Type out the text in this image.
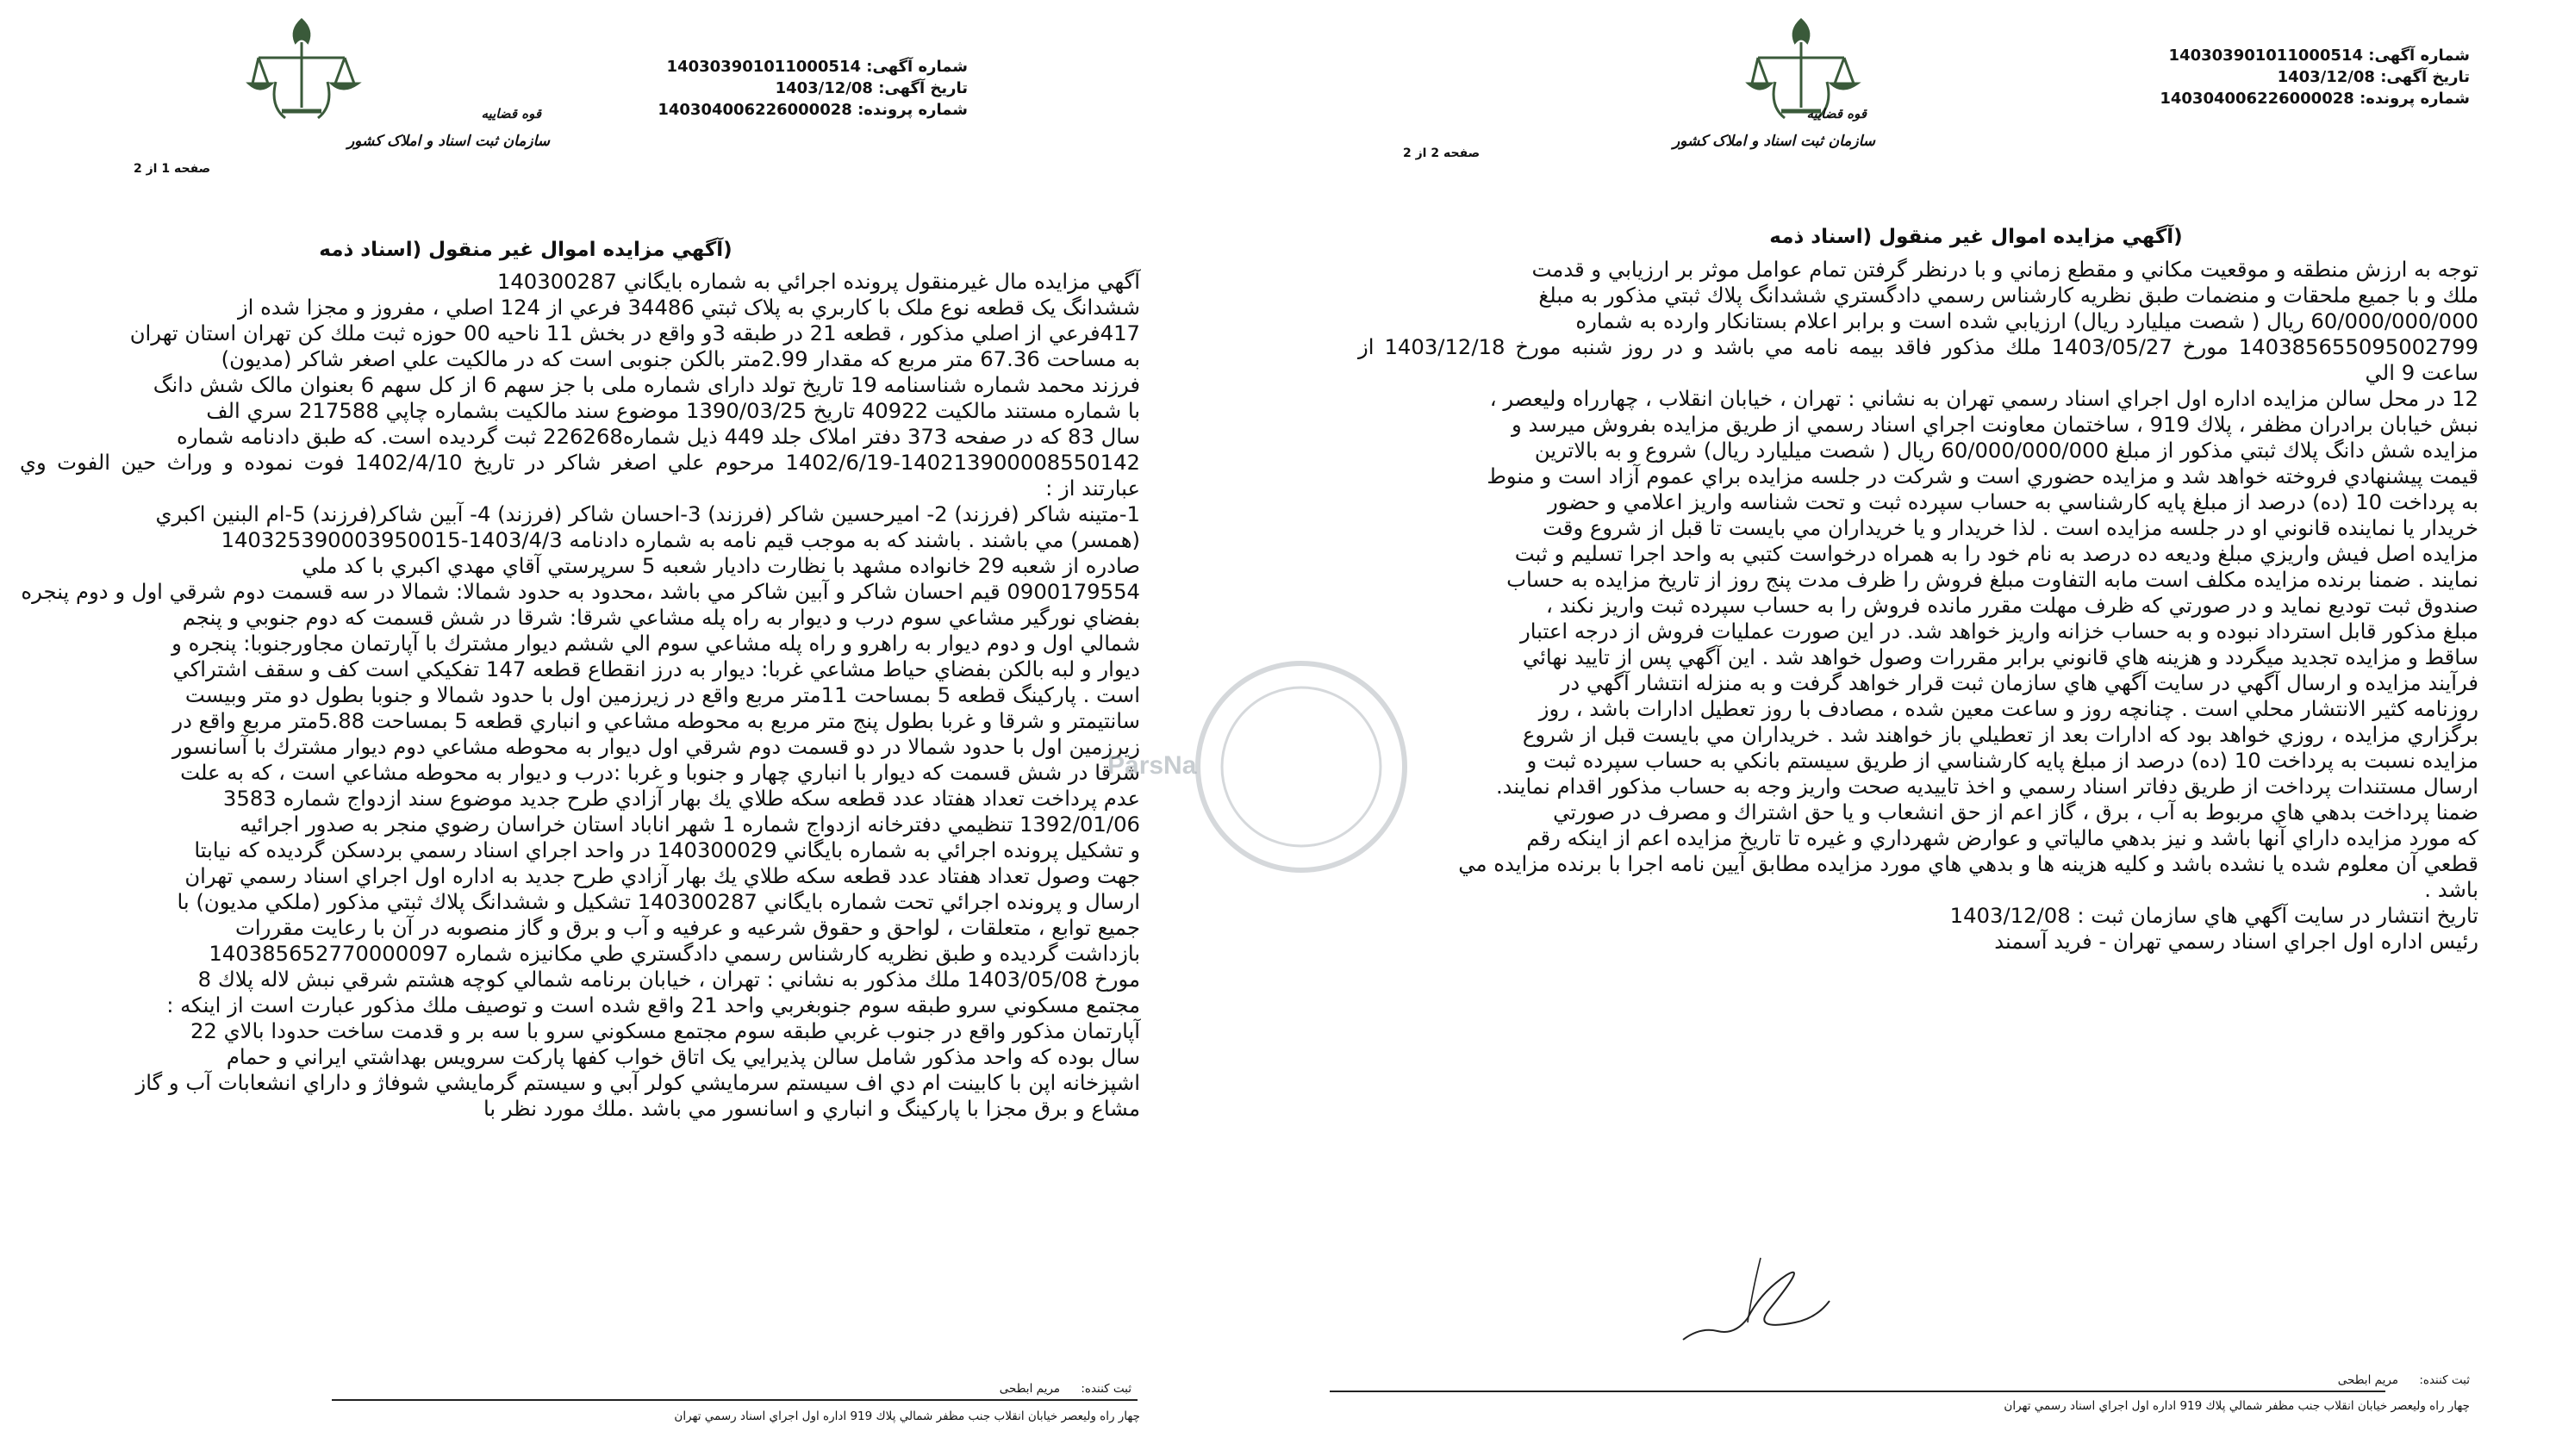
قوه قضاییه
سازمان ثبت اسناد و املاک کشور
شماره آگهی: 140303901011000514
تاریخ آگهی: 1403/12/08
شماره پرونده: 140304006226000028
صفحه 1 از 2
(آگهي مزايده اموال غير منقول (اسناد ذمه

آگهي مزايده مال غيرمنقول پرونده اجرائي به شماره بايگاني 140300287

ششدانگ يک قطعه نوع ملک با کاربري به پلاک ثبتي 34486 فرعي از 124 اصلي ، مفروز و مجزا شده از

417فرعي از اصلي مذکور ، قطعه 21 در طبقه 3و واقع در بخش 11 ناحيه 00 حوزه ثبت ملك كن تهران استان تهران

به مساحت 67.36 متر مربع که مقدار 2.99متر بالکن جنوبی است که در مالکيت علي اصغر شاکر (مديون)

فرزند محمد شماره شناسنامه 19 تاریخ تولد دارای شماره ملی با جز سهم 6 از کل سهم 6 بعنوان مالک شش دانگ

با شماره مستند مالکيت 40922 تاریخ 1390/03/25 موضوع سند مالکيت بشماره چاپي 217588 سري الف

سال 83 که در صفحه 373 دفتر املاک جلد 449 ذيل شماره226268 ثبت گرديده است. كه طبق دادنامه شماره

1402/6/19-140213900008550142 مرحوم علي اصغر شاكر در تاريخ 1402/4/10 فوت نموده و وراث حين الفوت وي عبارتند از :

1-متينه شاكر (فرزند) 2- اميرحسين شاكر (فرزند) 3-احسان شاكر (فرزند) 4- آبين شاكر(فرزند) 5-ام البنين اكبري

(همسر) مي باشند . باشند كه به موجب قيم نامه به شماره دادنامه 1403/4/3-140325390003950015

صادره از شعبه 29 خانواده مشهد با نظارت داديار شعبه 5 سرپرستي آقاي مهدي اكبري با كد ملي

0900179554 قيم احسان شاكر و آبين شاكر مي باشد ،محدود به حدود شمالا: شمالا در سه قسمت دوم شرقي اول و دوم پنجره

بفضاي نورگير مشاعي سوم درب و ديوار به راه پله مشاعي شرقا: شرقا در شش قسمت كه دوم جنوبي و پنجم

شمالي اول و دوم ديوار به راهرو و راه پله مشاعي سوم الي ششم ديوار مشترك با آپارتمان مجاورجنوبا: پنجره و

ديوار و لبه بالكن بفضاي حياط مشاعي غربا: ديوار به درز انقطاع قطعه 147 تفكيكي است كف و سقف اشتراكي

است . پاركينگ قطعه 5 بمساحت 11متر مربع واقع در زيرزمين اول با حدود شمالا و جنوبا بطول دو متر وبيست

سانتيمتر و شرقا و غربا بطول پنج متر مربع به محوطه مشاعي و انباري قطعه 5 بمساحت 5.88متر مربع واقع در

زيرزمين اول با حدود شمالا در دو قسمت دوم شرقي اول ديوار به محوطه مشاعي دوم ديوار مشترك با آسانسور

شرقا در شش قسمت كه ديوار با انباري چهار و جنوبا و غربا :درب و ديوار به محوطه مشاعي است ، كه به علت

عدم پرداخت تعداد هفتاد عدد قطعه سكه طلاي يك بهار آزادي طرح جديد موضوع سند ازدواج شماره 3583

1392/01/06 تنظيمي دفترخانه ازدواج شماره 1 شهر اناباد استان خراسان رضوي منجر به صدور اجرائيه

و تشكيل پرونده اجرائي به شماره بايگاني 140300029 در واحد اجراي اسناد رسمي بردسكن گرديده كه نيابتا

جهت وصول تعداد هفتاد عدد قطعه سكه طلاي يك بهار آزادي طرح جديد به اداره اول اجراي اسناد رسمي تهران

ارسال و پرونده اجرائي تحت شماره بايگاني 140300287 تشكيل و ششدانگ پلاك ثبتي مذكور (ملكي مديون) با

جميع توابع ، متعلقات ، لواحق و حقوق شرعيه و عرفيه و آب و برق و گاز منصوبه در آن با رعايت مقررات

بازداشت گرديده و طبق نظريه كارشناس رسمي دادگستري طي مكانيزه شماره 140385652770000097

مورخ 1403/05/08 ملك مذكور به نشاني : تهران ، خيابان برنامه شمالي كوچه هشتم شرقي نبش لاله پلاك 8

مجتمع مسكوني سرو طبقه سوم جنوبغربي واحد 21 واقع شده است و توصيف ملك مذكور عبارت است از اينكه :

آپارتمان مذكور واقع در جنوب غربي طبقه سوم مجتمع مسكوني سرو با سه بر و قدمت ساخت حدودا بالاي 22

سال بوده كه واحد مذكور شامل سالن پذيرايي يک اتاق خواب كفها پاركت سرويس بهداشتي ايراني و حمام

اشپزخانه اپن با كابينت ام دي اف سيستم سرمايشي كولر آبي و سيستم گرمايشي شوفاژ و داراي انشعابات آب و گاز

مشاع و برق مجزا با پاركينگ و انباري و اسانسور مي باشد .ملك مورد نظر با

ثبت کننده: مریم ابطحی
چهار راه وليعصر خيابان انقلاب جنب مظفر شمالي پلاك 919 اداره اول اجراي اسناد رسمي تهران
قوه قضاییه
سازمان ثبت اسناد و املاک کشور
شماره آگهی: 140303901011000514
تاریخ آگهی: 1403/12/08
شماره پرونده: 140304006226000028
صفحه 2 از 2
(آگهي مزايده اموال غير منقول (اسناد ذمه

توجه به ارزش منطقه و موقعيت مكاني و مقطع زماني و با درنظر گرفتن تمام عوامل موثر بر ارزيابي و قدمت

ملك و با جميع ملحقات و منضمات طبق نظريه كارشناس رسمي دادگستري ششدانگ پلاك ثبتي مذكور به مبلغ

60/000/000/000 ريال ( شصت ميليارد ريال) ارزيابي شده است و برابر اعلام بستانكار وارده به شماره

140385655095002799 مورخ 1403/05/27 ملك مذكور فاقد بيمه نامه مي باشد و در روز شنبه مورخ 1403/12/18 از ساعت 9 الي

12 در محل سالن مزايده اداره اول اجراي اسناد رسمي تهران به نشاني : تهران ، خيابان انقلاب ، چهارراه وليعصر ،

نبش خيابان برادران مظفر ، پلاك 919 ، ساختمان معاونت اجراي اسناد رسمي از طريق مزايده بفروش ميرسد و

مزايده شش دانگ پلاك ثبتي مذكور از مبلغ 60/000/000/000 ريال ( شصت ميليارد ريال) شروع و به بالاترين

قيمت پيشنهادي فروخته خواهد شد و مزايده حضوري است و شركت در جلسه مزايده براي عموم آزاد است و منوط

به پرداخت 10 (ده) درصد از مبلغ پايه كارشناسي به حساب سپرده ثبت و تحت شناسه واريز اعلامي و حضور

خريدار يا نماينده قانوني او در جلسه مزايده است . لذا خريدار و يا خريداران مي بايست تا قبل از شروع وقت

مزايده اصل فيش واريزي مبلغ وديعه ده درصد به نام خود را به همراه درخواست كتبي به واحد اجرا تسليم و ثبت

نمايند . ضمنا برنده مزايده مكلف است مابه التفاوت مبلغ فروش را ظرف مدت پنج روز از تاريخ مزايده به حساب

صندوق ثبت توديع نمايد و در صورتي كه ظرف مهلت مقرر مانده فروش را به حساب سپرده ثبت واريز نكند ،

مبلغ مذكور قابل استرداد نبوده و به حساب خزانه واريز خواهد شد. در اين صورت عمليات فروش از درجه اعتبار

ساقط و مزايده تجديد ميگردد و هزينه هاي قانوني برابر مقررات وصول خواهد شد . اين آگهي پس از تاييد نهائي

فرآيند مزايده و ارسال آگهي در سايت آگهي هاي سازمان ثبت قرار خواهد گرفت و به منزله انتشار آگهي در

روزنامه كثير الانتشار محلي است . چنانچه روز و ساعت معين شده ، مصادف با روز تعطيل ادارات باشد ، روز

برگزاري مزايده ، روزي خواهد بود كه ادارات بعد از تعطيلي باز خواهند شد . خريداران مي بايست قبل از شروع

مزايده نسبت به پرداخت 10 (ده) درصد از مبلغ پايه كارشناسي از طريق سيستم بانكي به حساب سپرده ثبت و

ارسال مستندات پرداخت از طريق دفاتر اسناد رسمي و اخذ تاييديه صحت واريز وجه به حساب مذكور اقدام نمايند.

ضمنا پرداخت بدهي هاي مربوط به آب ، برق ، گاز اعم از حق انشعاب و يا حق اشتراك و مصرف در صورتي

كه مورد مزايده داراي آنها باشد و نيز بدهي مالياتي و عوارض شهرداري و غيره تا تاريخ مزايده اعم از اينكه رقم

قطعي آن معلوم شده يا نشده باشد و كليه هزينه ها و بدهي هاي مورد مزايده مطابق آيين نامه اجرا با برنده مزايده مي

باشد .

تاريخ انتشار در سايت آگهي هاي سازمان ثبت : 1403/12/08

رئيس اداره اول اجراي اسناد رسمي تهران - فريد آسمند

ثبت کننده: مریم ابطحی
چهار راه وليعصر خيابان انقلاب جنب مظفر شمالي پلاك 919 اداره اول اجراي اسناد رسمي تهران
ParsNa
